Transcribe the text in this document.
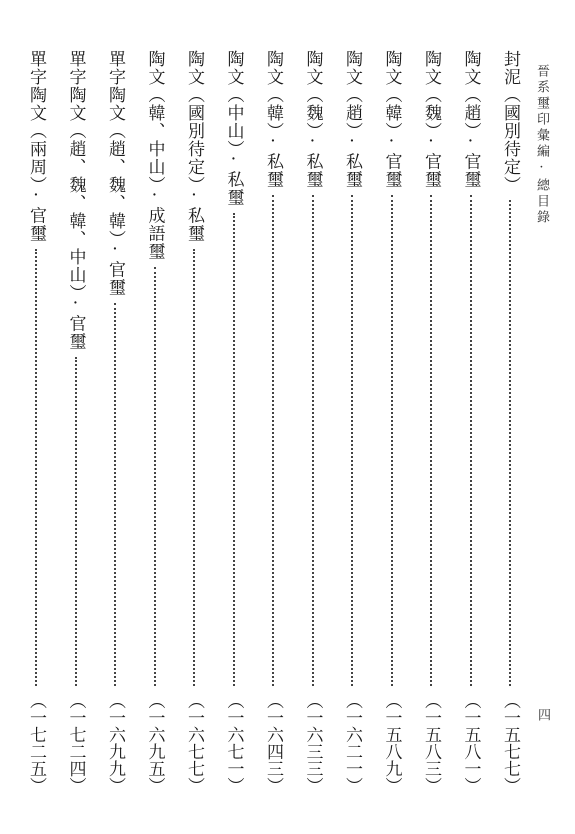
晉系璽印彙編·總目錄
封泥（國別待定）
（一五七七）
陶文（趙）·官璽
（一五八一）
陶文（魏）·官璽
（一五八三）
陶文（韓）·官璽
（一五八九）
陶文（趙）·私璽
（一六二一）
陶文（魏）·私璽
（一六三三）
陶文（韓）·私璽
（一六四三）
陶文（中山）·私璽
（一六七一）
陶文（國別待定）·私璽
（一六七七）
陶文（韓、中山）·成語璽
（一六九五）
單字陶文（趙、魏、韓）·官璽
（一六九九）
單字陶文（趙、魏、韓、中山）·官璽
（一七二四）
單字陶文（兩周）·官璽
（一七二五）	四
